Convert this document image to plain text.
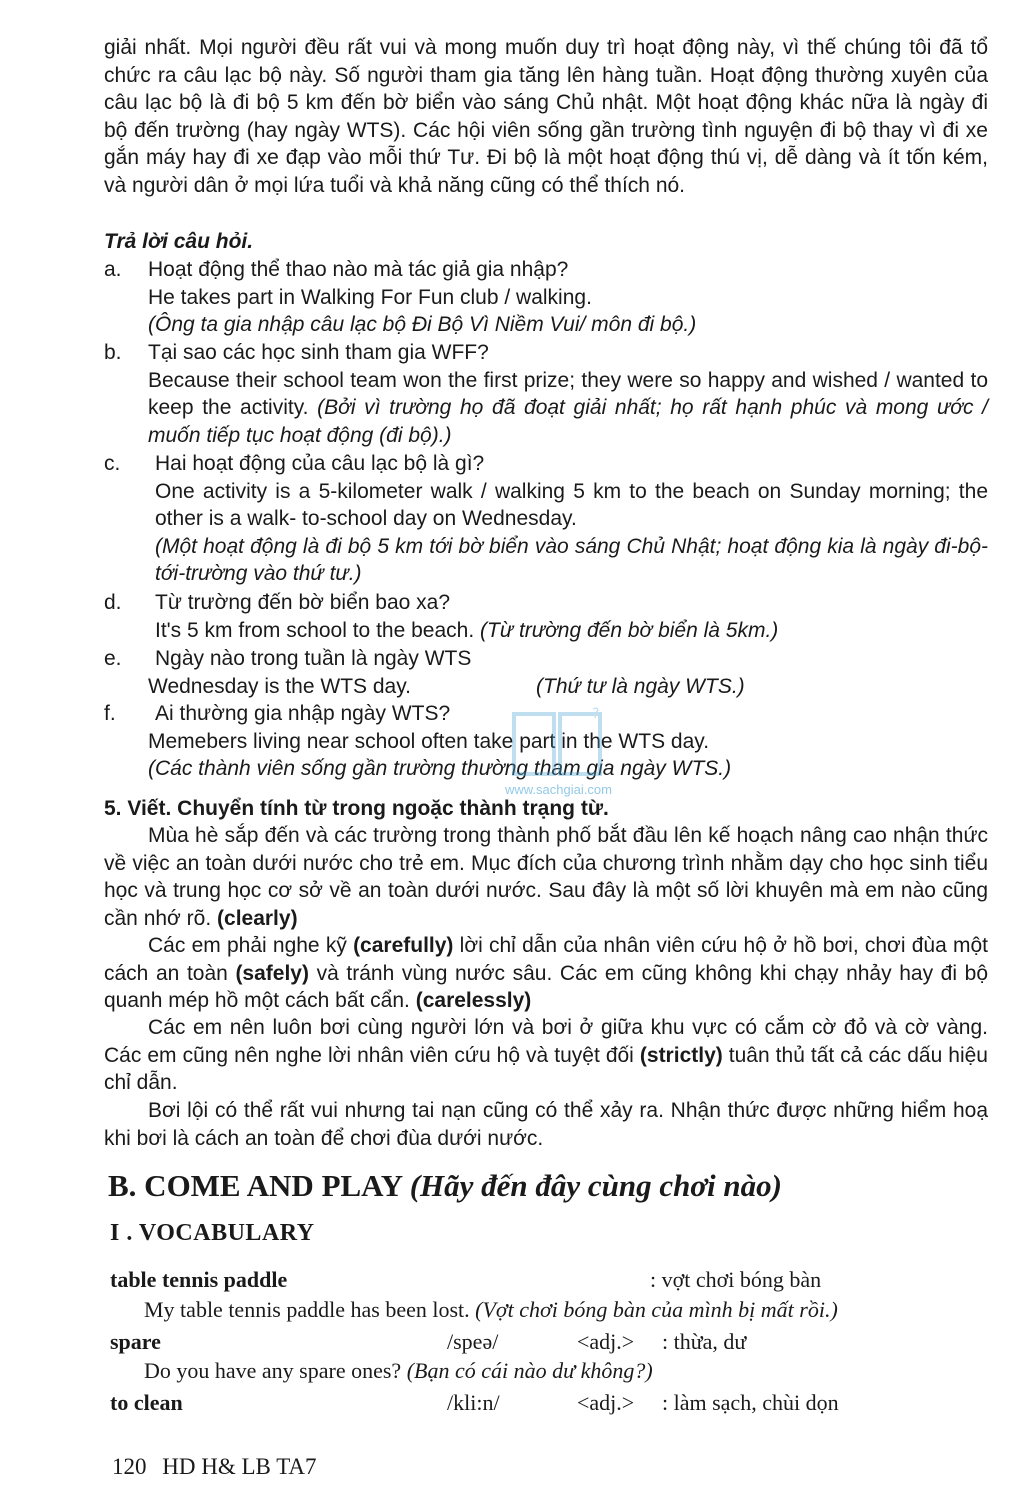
giải nhất. Mọi người đều rất vui và mong muốn duy trì hoạt động này, vì thế chúng tôi đã tổ chức ra câu lạc bộ này. Số người tham gia tăng lên hàng tuần. Hoạt động thường xuyên của câu lạc bộ là đi bộ 5 km đến bờ biển vào sáng Chủ nhật. Một hoạt động khác nữa là ngày đi bộ đến trường (hay ngày WTS). Các hội viên sống gần trường tình nguyện đi bộ thay vì đi xe gắn máy hay đi xe đạp vào mỗi thứ Tư. Đi bộ là một hoạt động thú vị, dễ dàng và ít tốn kém, và người dân ở mọi lứa tuổi và khả năng cũng có thể thích nó.

Trả lời câu hỏi.

a.	Hoạt động thể thao nào mà tác giả gia nhập?
He takes part in Walking For Fun club / walking.
(Ông ta gia nhập câu lạc bộ Đi Bộ Vì Niềm Vui/ môn đi bộ.)
b.	Tại sao các học sinh tham gia WFF?
Because their school team won the first prize; they were so happy and wished / wanted to keep the activity. (Bởi vì trường họ đã đoạt giải nhất; họ rất hạnh phúc và mong ước / muốn tiếp tục hoạt động (đi bộ).)
c.	Hai hoạt động của câu lạc bộ là gì?
One activity is a 5-kilometer walk / walking 5 km to the beach on Sunday morning; the other is a walk- to-school day on Wednesday.
(Một hoạt động là đi bộ 5 km tới bờ biển vào sáng Chủ Nhật; hoạt động kia là ngày đi-bộ-tới-trường vào thứ tư.)
d.	Từ trường đến bờ biển bao xa?
It's 5 km from school to the beach. (Từ trường đến bờ biển là 5km.)
e.	Ngày nào trong tuần là ngày WTS
Wednesday is the WTS day.	(Thứ tư là ngày WTS.)
f.	Ai thường gia nhập ngày WTS?
Memebers living near school often take part in the WTS day.
(Các thành viên sống gần trường thường tham gia ngày WTS.)
?
www.sachgiai.com

5. Viết. Chuyển tính từ trong ngoặc thành trạng từ.

Mùa hè sắp đến và các trường trong thành phố bắt đầu lên kế hoạch nâng cao nhận thức về việc an toàn dưới nước cho trẻ em. Mục đích của chương trình nhằm dạy cho học sinh tiểu học và trung học cơ sở về an toàn dưới nước. Sau đây là một số lời khuyên mà em nào cũng cần nhớ rõ. (clearly)

Các em phải nghe kỹ (carefully) lời chỉ dẫn của nhân viên cứu hộ ở hồ bơi, chơi đùa một cách an toàn (safely) và tránh vùng nước sâu. Các em cũng không khi chạy nhảy hay đi bộ quanh mép hồ một cách bất cẩn. (carelessly)

Các em nên luôn bơi cùng người lớn và bơi ở giữa khu vực có cắm cờ đỏ và cờ vàng. Các em cũng nên nghe lời nhân viên cứu hộ và tuyệt đối (strictly) tuân thủ tất cả các dấu hiệu chỉ dẫn.

Bơi lội có thể rất vui nhưng tai nạn cũng có thể xảy ra. Nhận thức được những hiểm hoạ khi bơi là cách an toàn để chơi đùa dưới nước.

B. COME AND PLAY (Hãy đến đây cùng chơi nào)

I . VOCABULARY

table tennis paddle	: vợt chơi bóng bàn
My table tennis paddle has been lost. (Vợt chơi bóng bàn của mình bị mất rồi.)
spare	/speə/	<adj.> : thừa, dư
Do you have any spare ones? (Bạn có cái nào dư không?)
to clean	/kli:n/	<adj.> : làm sạch, chùi dọn
120 HD H& LB TA7
